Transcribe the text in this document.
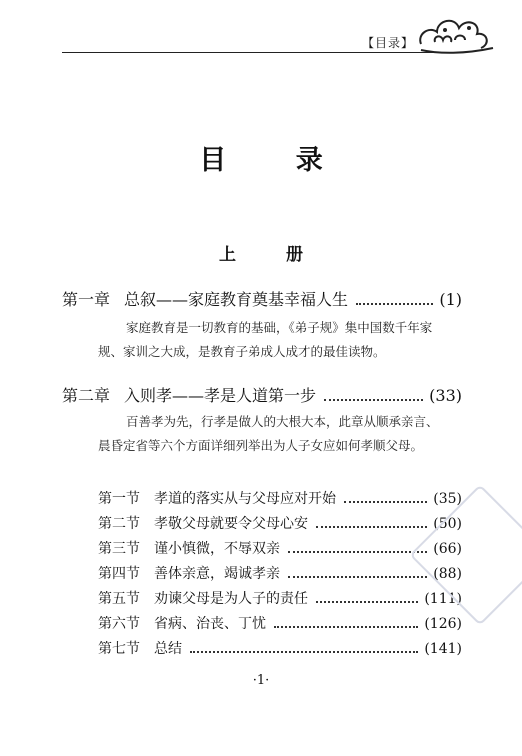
【目录】
目 录
上 册
第一章 总叙——家庭教育奠基幸福人生	(1)
家庭教育是一切教育的基础，《弟子规》集中国数千年家规、家训之大成，是教育子弟成人成才的最佳读物。
第二章 入则孝——孝是人道第一步	(33)
百善孝为先，行孝是做人的大根大本，此章从顺承亲言、晨昏定省等六个方面详细列举出为人子女应如何孝顺父母。
第一节 孝道的落实从与父母应对开始	(35)
第二节 孝敬父母就要令父母心安	(50)
第三节 谨小慎微，不辱双亲	(66)
第四节 善体亲意，竭诚孝亲	(88)
第五节 劝谏父母是为人子的责任	(111)
第六节 省病、治丧、丁忧	(126)
第七节 总结	(141)
·1·
